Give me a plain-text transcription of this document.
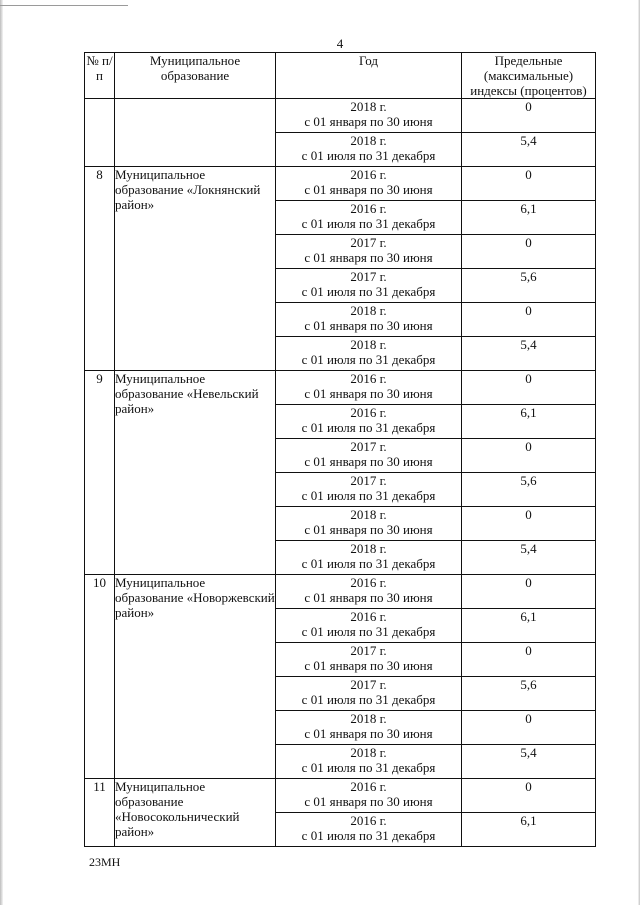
4
№ п/п	Муниципальное образование	Год	Предельные (максимальные) индексы (процентов)

		2018 г.
с 01 января по 30 июня	0

		2018 г.
с 01 июля по 31 декабря	5,4
8	Муниципальное образование «Локнянский район»	2016 г.
с 01 января по 30 июня	0

		2016 г.
с 01 июля по 31 декабря	6,1

		2017 г.
с 01 января по 30 июня	0

		2017 г.
с 01 июля по 31 декабря	5,6

		2018 г.
с 01 января по 30 июня	0

		2018 г.
с 01 июля по 31 декабря	5,4
9	Муниципальное образование «Невельский район»	2016 г.
с 01 января по 30 июня	0

		2016 г.
с 01 июля по 31 декабря	6,1

		2017 г.
с 01 января по 30 июня	0

		2017 г.
с 01 июля по 31 декабря	5,6

		2018 г.
с 01 января по 30 июня	0

		2018 г.
с 01 июля по 31 декабря	5,4
10	Муниципальное образование «Новоржевский район»	2016 г.
с 01 января по 30 июня	0

		2016 г.
с 01 июля по 31 декабря	6,1

		2017 г.
с 01 января по 30 июня	0

		2017 г.
с 01 июля по 31 декабря	5,6

		2018 г.
с 01 января по 30 июня	0

		2018 г.
с 01 июля по 31 декабря	5,4
11	Муниципальное образование «Новосокольнический район»	2016 г.
с 01 января по 30 июня	0

		2016 г.
с 01 июля по 31 декабря	6,1
23МН
